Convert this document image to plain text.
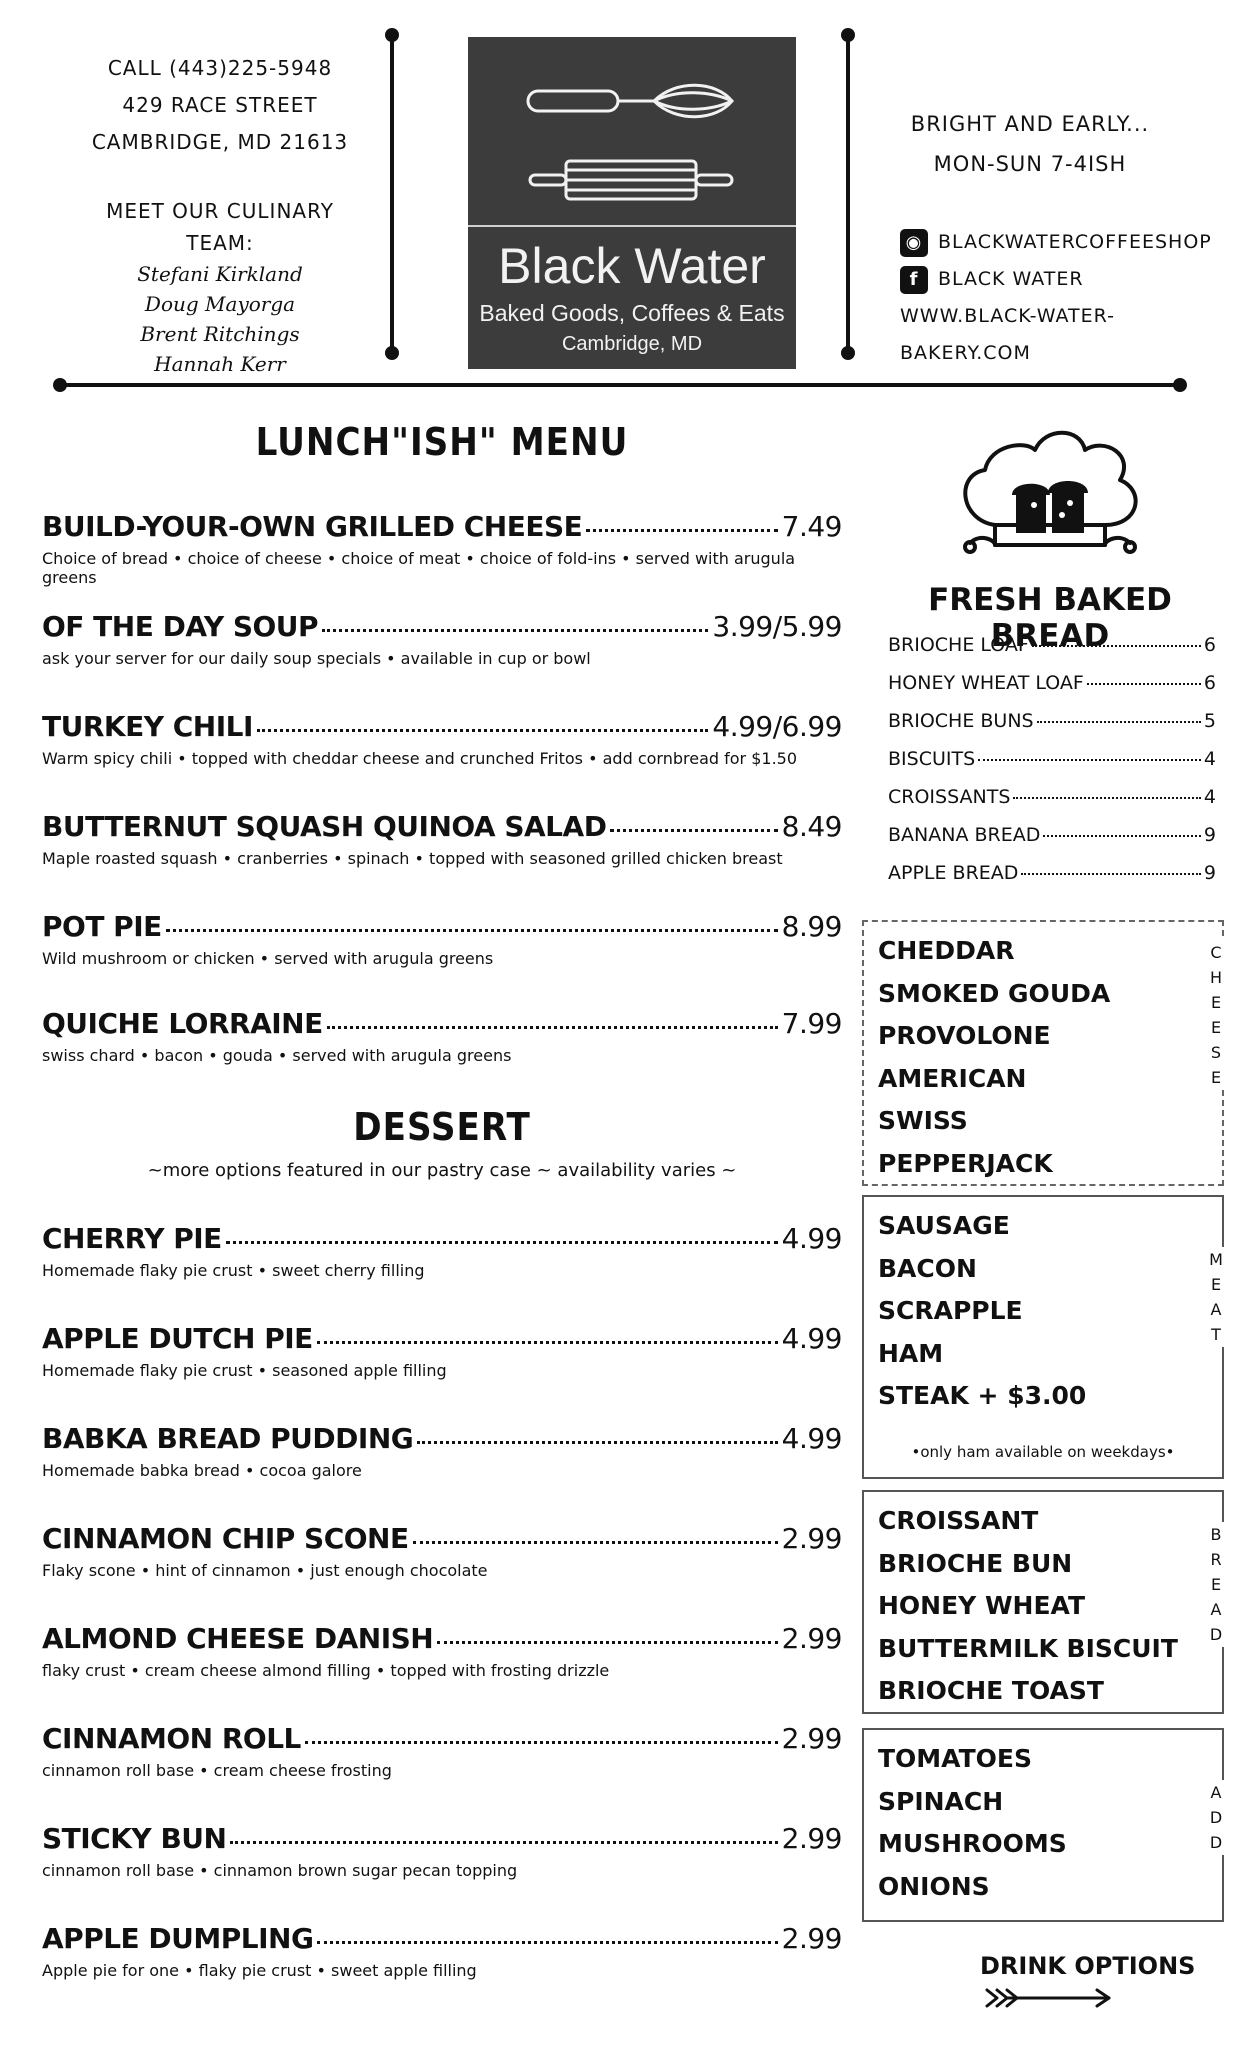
CALL (443)225-5948
429 RACE STREET
CAMBRIDGE, MD 21613
MEET OUR CULINARY TEAM:
Stefani Kirkland
Doug Mayorga
Brent Ritchings
Hannah Kerr
Black Water
Baked Goods, Coffees & Eats
Cambridge, MD
BRIGHT AND EARLY...
MON-SUN 7-4ISH
◉ BLACKWATERCOFFEESHOP
f	BLACK WATER
WWW.BLACK-WATER-BAKERY.COM
LUNCH"ISH" MENU
BUILD-YOUR-OWN GRILLED CHEESE	7.49
Choice of bread • choice of cheese • choice of meat • choice of fold-ins • served with arugula greens
OF THE DAY SOUP	3.99/5.99
ask your server for our daily soup specials • available in cup or bowl
TURKEY CHILI	4.99/6.99
Warm spicy chili • topped with cheddar cheese and crunched Fritos • add cornbread for $1.50
BUTTERNUT SQUASH QUINOA SALAD	8.49
Maple roasted squash • cranberries • spinach • topped with seasoned grilled chicken breast
POT PIE	8.99
Wild mushroom or chicken • served with arugula greens
QUICHE LORRAINE	7.99
swiss chard • bacon • gouda • served with arugula greens
DESSERT
~more options featured in our pastry case ~ availability varies ~
CHERRY PIE	4.99
Homemade flaky pie crust • sweet cherry filling
APPLE DUTCH PIE	4.99
Homemade flaky pie crust • seasoned apple filling
BABKA BREAD PUDDING	4.99
Homemade babka bread • cocoa galore
CINNAMON CHIP SCONE	2.99
Flaky scone • hint of cinnamon • just enough chocolate
ALMOND CHEESE DANISH	2.99
flaky crust • cream cheese almond filling • topped with frosting drizzle
CINNAMON ROLL	2.99
cinnamon roll base • cream cheese frosting
STICKY BUN	2.99
cinnamon roll base • cinnamon brown sugar pecan topping
APPLE DUMPLING	2.99
Apple pie for one • flaky pie crust • sweet apple filling
FRESH BAKED BREAD
BRIOCHE LOAF	6
HONEY WHEAT LOAF	6
BRIOCHE BUNS	5
BISCUITS	4
CROISSANTS	4
BANANA BREAD	9
APPLE BREAD	9
CHEDDAR
SMOKED GOUDA
PROVOLONE
AMERICAN
SWISS
PEPPERJACK
C
H
E
E
S
E
SAUSAGE
BACON
SCRAPPLE
HAM
STEAK + $3.00
•only ham available on weekdays•
M
E
A
T
CROISSANT
BRIOCHE BUN
HONEY WHEAT
BUTTERMILK BISCUIT
BRIOCHE TOAST
B
R
E
A
D
TOMATOES
SPINACH
MUSHROOMS
ONIONS
A
D
D
DRINK OPTIONS
